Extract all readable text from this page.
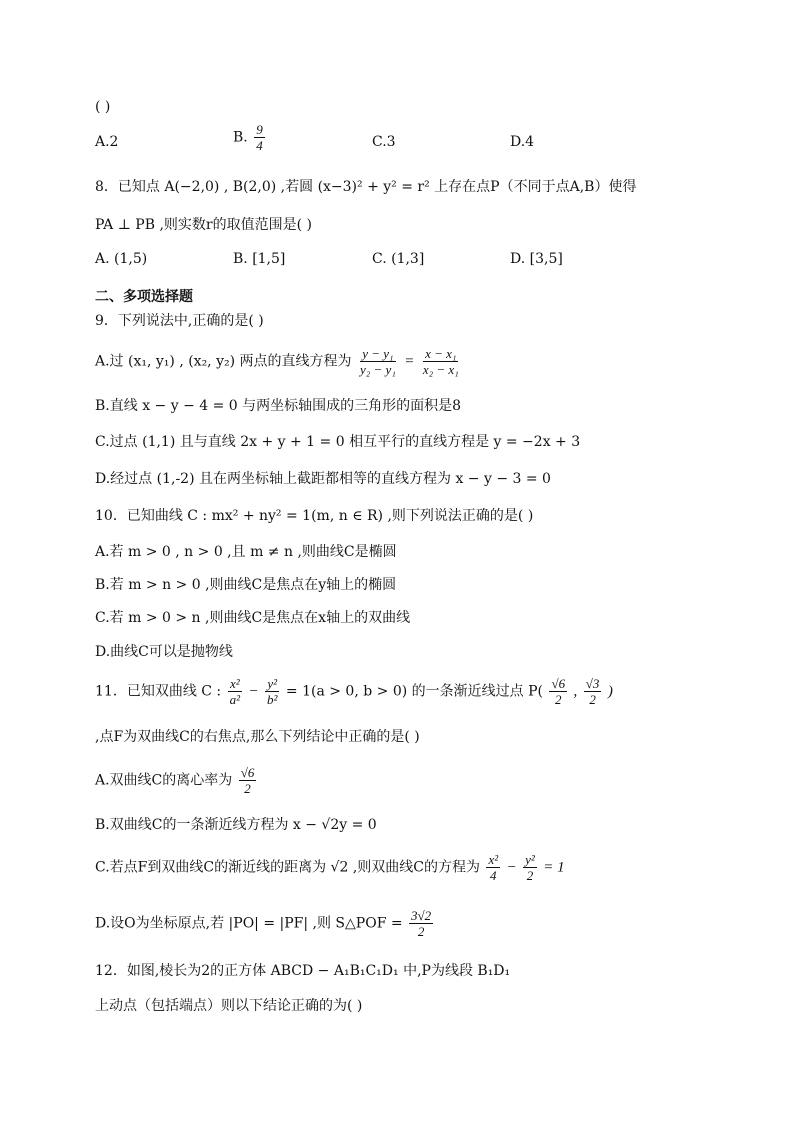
( )
A.2	B. $\frac{9}{4}$	C.3	D.4
8．已知点 A(−2,0) , B(2,0) ,若圆 (x−3)² + y² = r² 上存在点P（不同于点A,B）使得
PA ⊥ PB ,则实数r的取值范围是( )
A. (1,5)	B. [1,5]	C. (1,3]	D. [3,5]
二、多项选择题
9．下列说法中,正确的是( )
A.过 (x₁, y₁) , (x₂, y₂) 两点的直线方程为 $\frac{\text{y − y₁}}{\text{y₂ − y₁}} = \frac{\text{x − x₁}}{\text{x₂ − x₁}}$
B.直线 x − y − 4 = 0 与两坐标轴围成的三角形的面积是8
C.过点 (1,1) 且与直线 2x + y + 1 = 0 相互平行的直线方程是 y = −2x + 3
D.经过点 (1,-2) 且在两坐标轴上截距都相等的直线方程为 x − y − 3 = 0
10．已知曲线 C : mx² + ny² = 1(m, n ∈ R) ,则下列说法正确的是( )
A.若 m > 0 , n > 0 ,且 m ≠ n ,则曲线C是椭圆
B.若 m > n > 0 ,则曲线C是焦点在y轴上的椭圆
C.若 m > 0 > n ,则曲线C是焦点在x轴上的双曲线
D.曲线C可以是抛物线
11．已知双曲线 C : $\frac{\text{x²}}{\text{a²}} - \frac{\text{y²}}{\text{b²}} = 1(a > 0$, b > 0) 的一条渐近线过点 $P( \frac{√6}{2}$ , $\frac{√3}{2}$ )
,点F为双曲线C的右焦点,那么下列结论中正确的是( )
A.双曲线C的离心率为 $\frac{√6}{2}$
B.双曲线C的一条渐近线方程为 x − √2y = 0
C.若点F到双曲线C的渐近线的距离为 √2 ,则双曲线C的方程为 $\frac{\text{x²}}{4} - \frac{\text{y²}}{2} = 1$
D.设O为坐标原点,若 |PO| = |PF| ,则 S△POF = $\frac{3√2}{2}$
12．如图,棱长为2的正方体 ABCD − A₁B₁C₁D₁ 中,P为线段 B₁D₁
上动点（包括端点）则以下结论正确的为( )
